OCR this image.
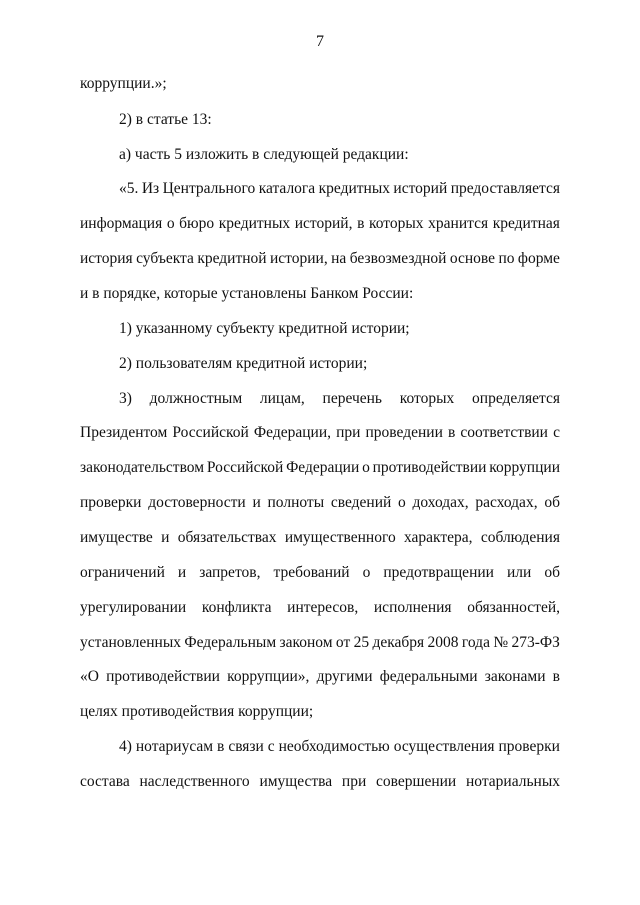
7
коррупции.»;
2) в статье 13:
а) часть 5 изложить в следующей редакции:
«5. Из Центрального каталога кредитных историй предоставляется
информация о бюро кредитных историй, в которых хранится кредитная
история субъекта кредитной истории, на безвозмездной основе по форме
и в порядке, которые установлены Банком России:
1) указанному субъекту кредитной истории;
2) пользователям кредитной истории;
3) должностным лицам, перечень которых определяется
Президентом Российской Федерации, при проведении в соответствии с
законодательством Российской Федерации о противодействии коррупции
проверки достоверности и полноты сведений о доходах, расходах, об
имуществе и обязательствах имущественного характера, соблюдения
ограничений и запретов, требований о предотвращении или об
урегулировании конфликта интересов, исполнения обязанностей,
установленных Федеральным законом от 25 декабря 2008 года № 273-ФЗ
«О противодействии коррупции», другими федеральными законами в
целях противодействия коррупции;
4) нотариусам в связи с необходимостью осуществления проверки
состава наследственного имущества при совершении нотариальных
